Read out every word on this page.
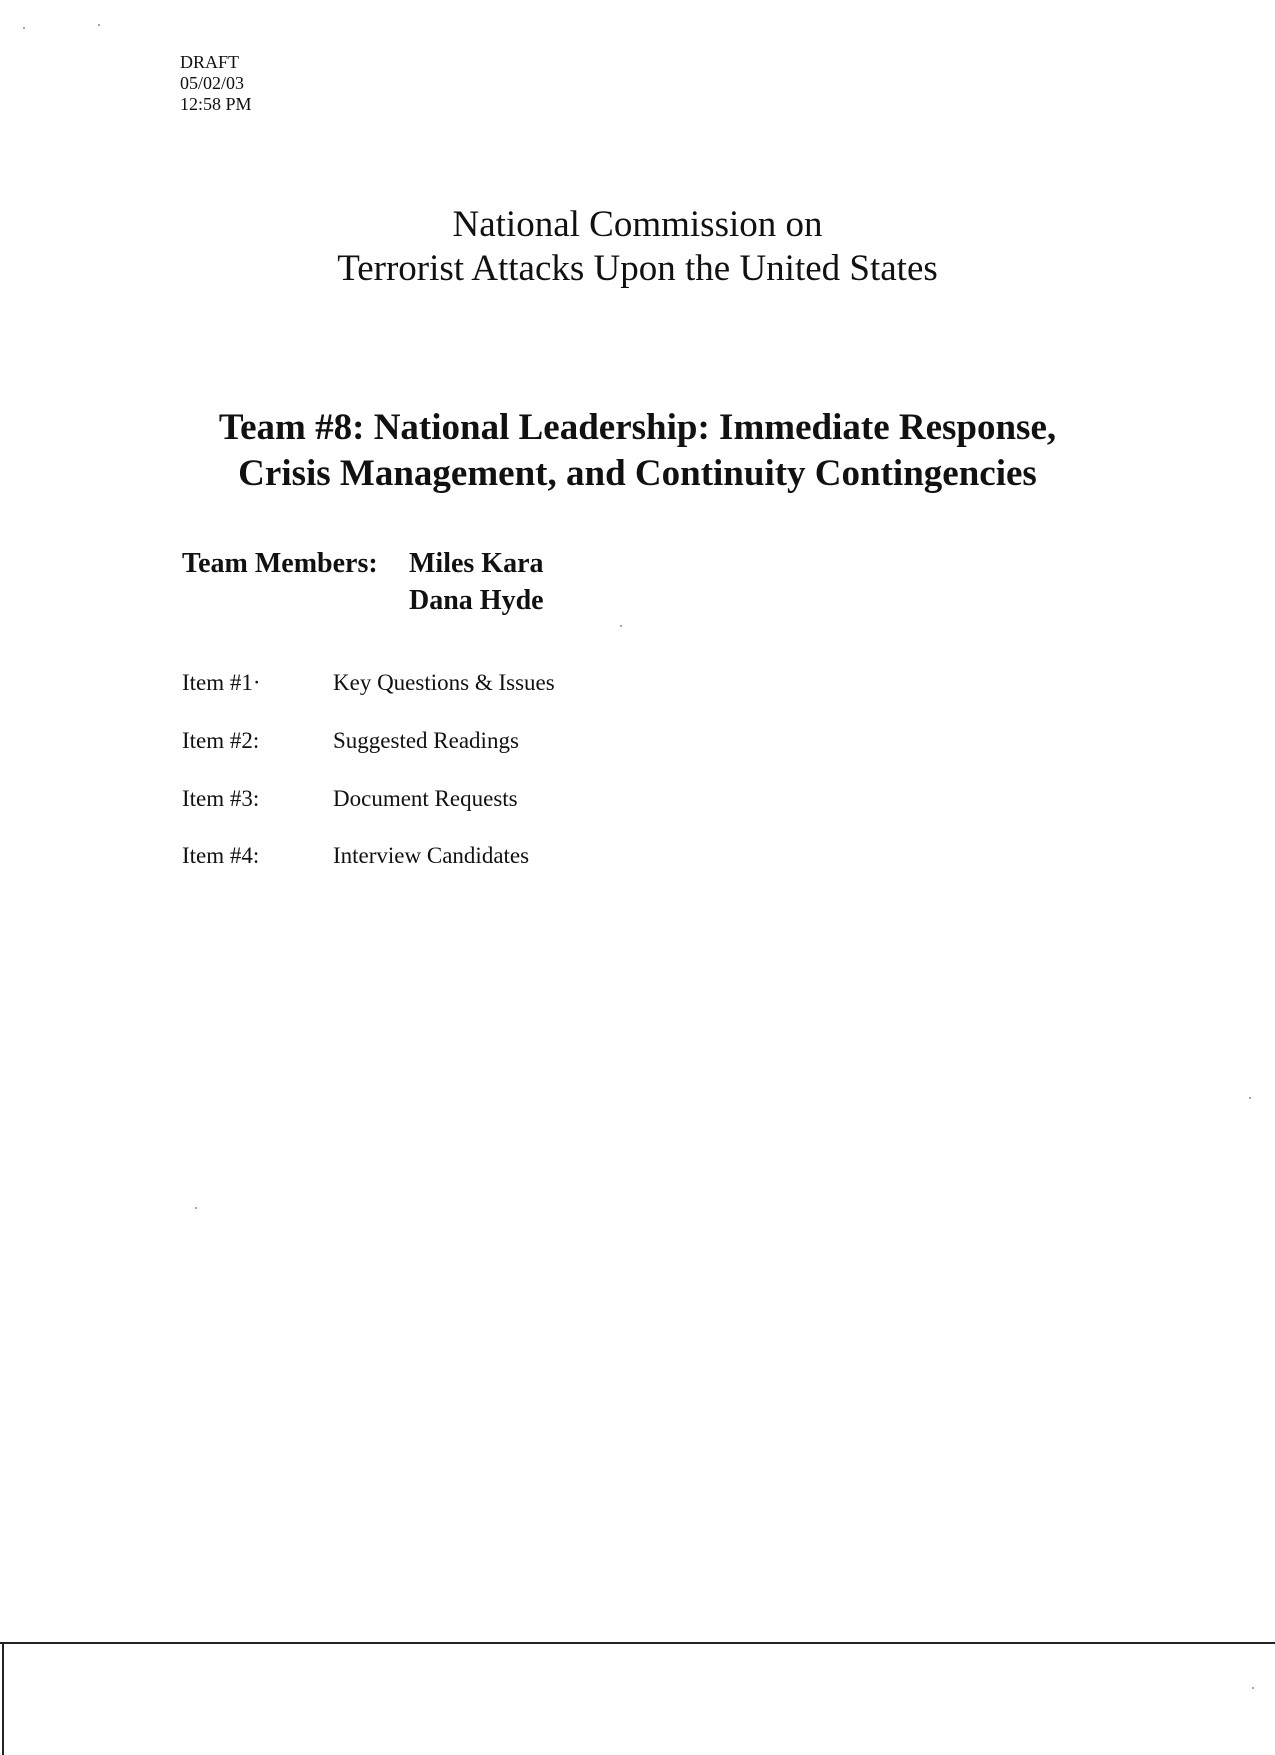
DRAFT
05/02/03
12:58 PM
National Commission on
Terrorist Attacks Upon the United States
Team #8: National Leadership: Immediate Response,
Crisis Management, and Continuity Contingencies
Team Members: Miles Kara
Dana Hyde
Item #1·	Key Questions & Issues
Item #2:	Suggested Readings
Item #3:	Document Requests
Item #4:	Interview Candidates
